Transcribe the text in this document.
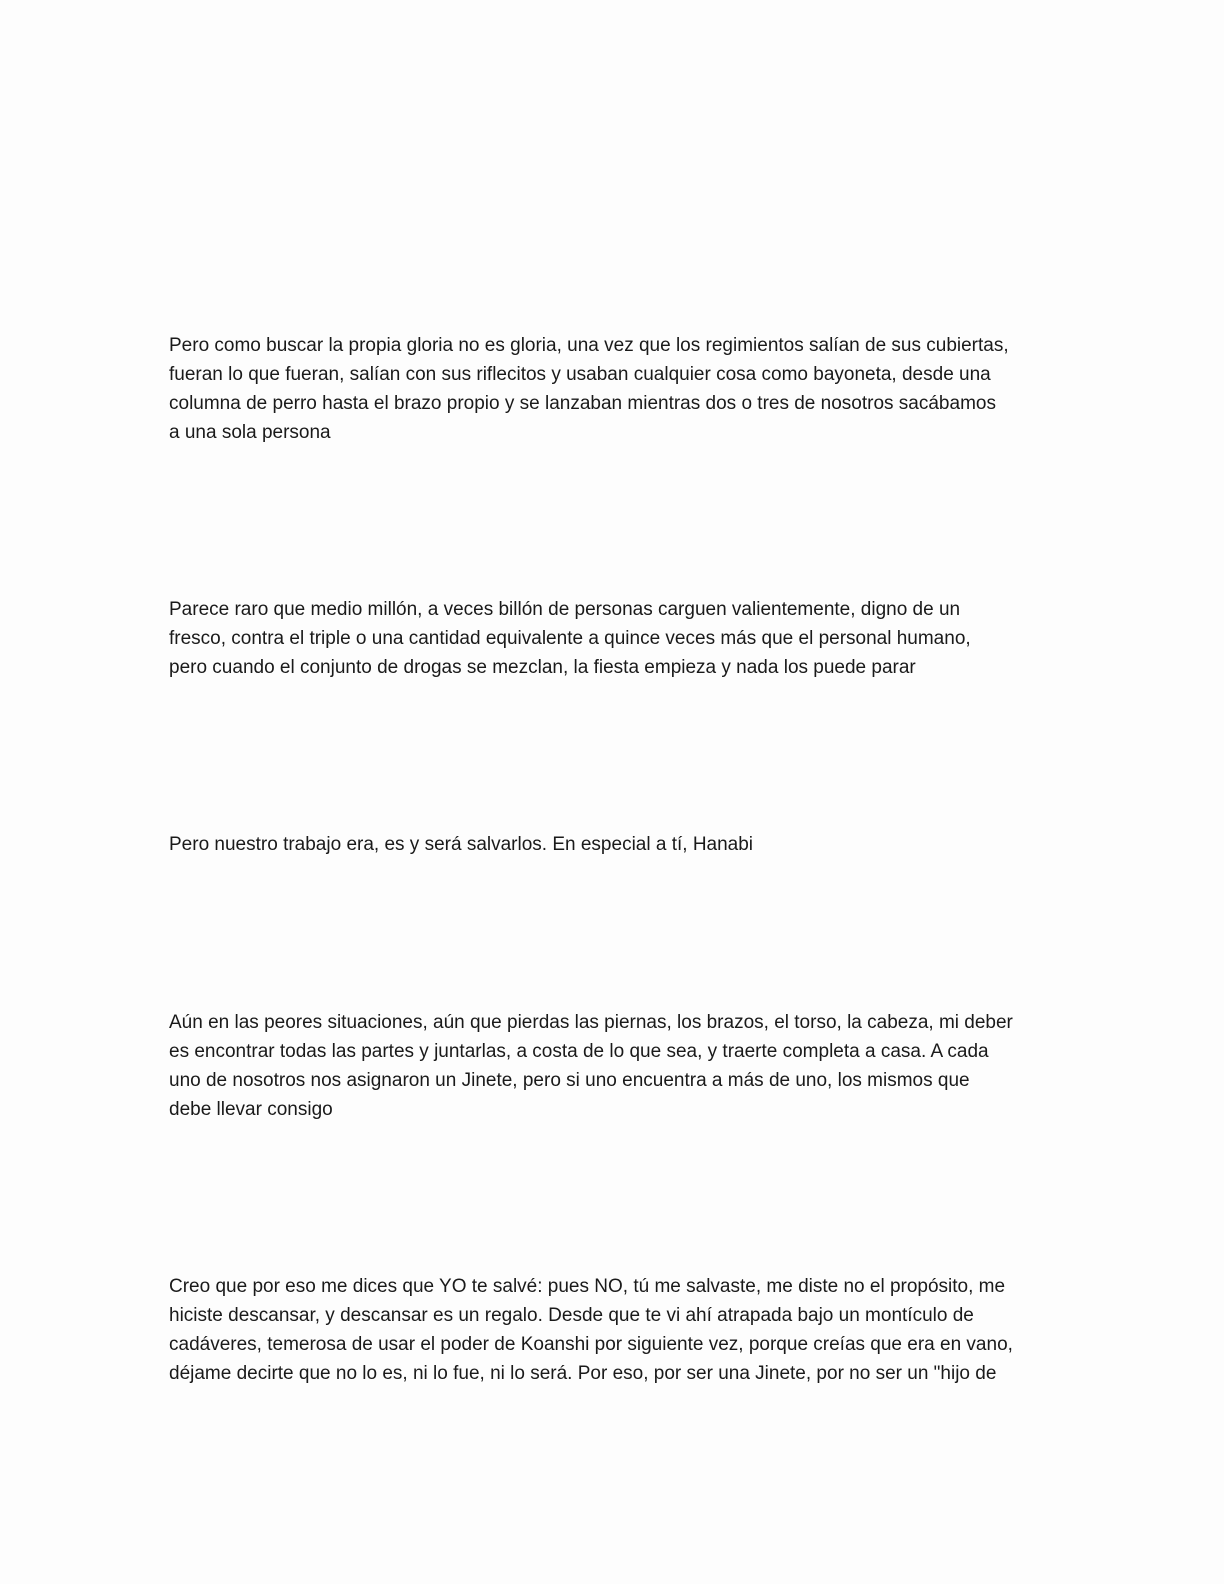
Pero como buscar la propia gloria no es gloria, una vez que los regimientos salían de sus cubiertas,
fueran lo que fueran, salían con sus riflecitos y usaban cualquier cosa como bayoneta, desde una
columna de perro hasta el brazo propio y se lanzaban mientras dos o tres de nosotros sacábamos
a una sola persona

Parece raro que medio millón, a veces billón de personas carguen valientemente, digno de un
fresco, contra el triple o una cantidad equivalente a quince veces más que el personal humano,
pero cuando el conjunto de drogas se mezclan, la fiesta empieza y nada los puede parar

Pero nuestro trabajo era, es y será salvarlos. En especial a tí, Hanabi

Aún en las peores situaciones, aún que pierdas las piernas, los brazos, el torso, la cabeza, mi deber
es encontrar todas las partes y juntarlas, a costa de lo que sea, y traerte completa a casa. A cada
uno de nosotros nos asignaron un Jinete, pero si uno encuentra a más de uno, los mismos que
debe llevar consigo

Creo que por eso me dices que YO te salvé: pues NO, tú me salvaste, me diste no el propósito, me
hiciste descansar, y descansar es un regalo. Desde que te vi ahí atrapada bajo un montículo de
cadáveres, temerosa de usar el poder de Koanshi por siguiente vez, porque creías que era en vano,
déjame decirte que no lo es, ni lo fue, ni lo será. Por eso, por ser una Jinete, por no ser un "hijo de
